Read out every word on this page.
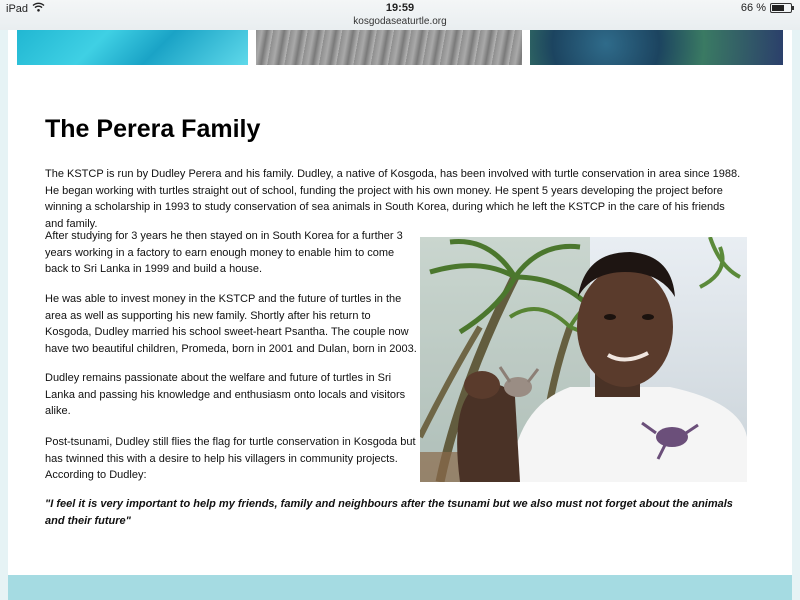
iPad	19:59
kosgodaseaturtle.org
66 %
The Perera Family

The KSTCP is run by Dudley Perera and his family. Dudley, a native of Kosgoda, has been involved with turtle conservation in area since 1988. He began working with turtles straight out of school, funding the project with his own money. He spent 5 years developing the project before winning a scholarship in 1993 to study conservation of sea animals in South Korea, during which he left the KSTCP in the care of his friends and family.

After studying for 3 years he then stayed on in South Korea for a further 3 years working in a factory to earn enough money to enable him to come back to Sri Lanka in 1999 and build a house.

He was able to invest money in the KSTCP and the future of turtles in the area as well as supporting his new family. Shortly after his return to Kosgoda, Dudley married his school sweet-heart Psantha. The couple now have two beautiful children, Promeda, born in 2001 and Dulan, born in 2003.

Dudley remains passionate about the welfare and future of turtles in Sri Lanka and passing his knowledge and enthusiasm onto locals and visitors alike.

Post-tsunami, Dudley still flies the flag for turtle conservation in Kosgoda but has twinned this with a desire to help his villagers in community projects. According to Dudley:

"I feel it is very important to help my friends, family and neighbours after the tsunami but we also must not forget about the animals and their future"
